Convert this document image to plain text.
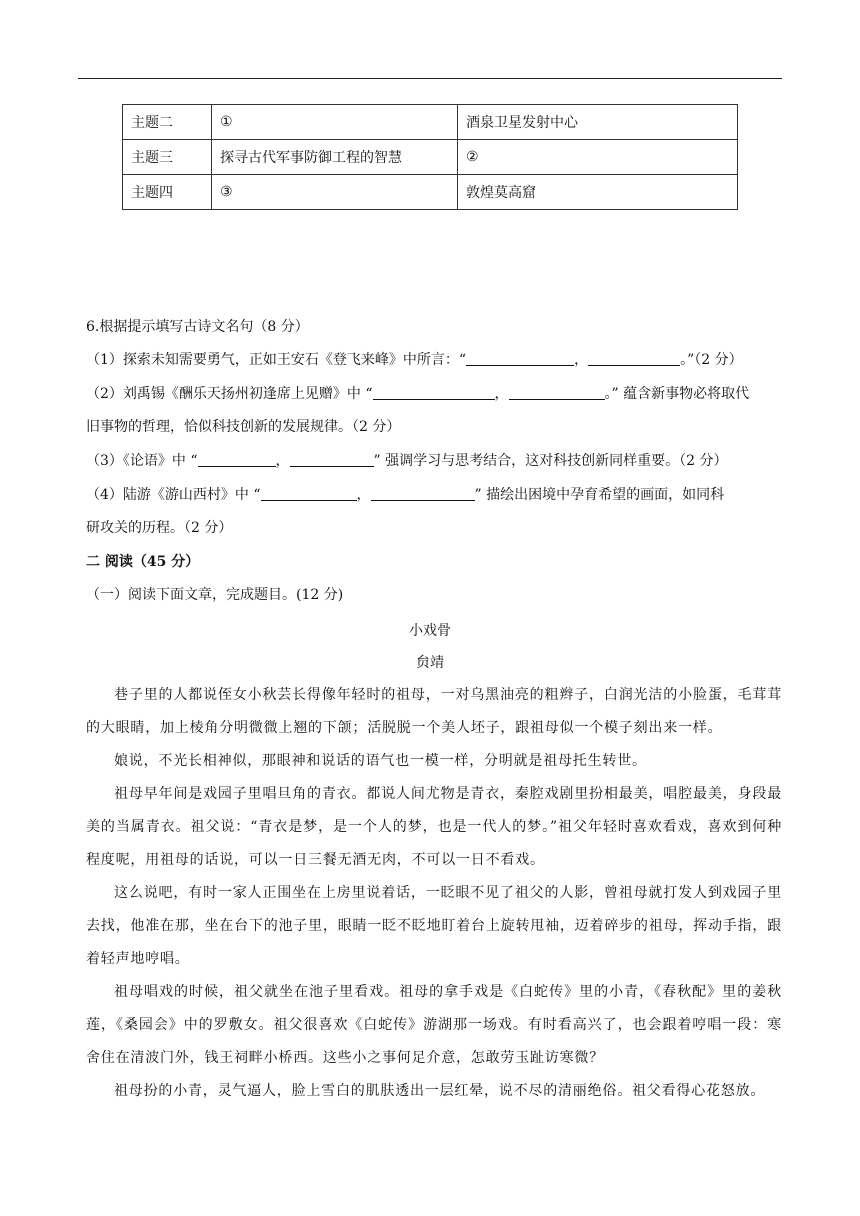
主题二	①	酒泉卫星发射中心
主题三	探寻古代军事防御工程的智慧	②
主题四	③	敦煌莫高窟
6.根据提示填写古诗文名句（8 分）
（1）探索未知需要勇气，正如王安石《登飞来峰》中所言：“	，	。”（2 分）
（2）刘禹锡《酬乐天扬州初逢席上见赠》中 “	，	。” 蕴含新事物必将取代
旧事物的哲理，恰似科技创新的发展规律。（2 分）
（3）《论语》中 “	，	” 强调学习与思考结合，这对科技创新同样重要。（2 分）
（4）陆游《游山西村》中 “	，	” 描绘出困境中孕育希望的画面，如同科
研攻关的历程。（2 分）
二 阅读（45 分）
（一）阅读下面文章，完成题目。(12 分)
小戏骨
贠靖

巷子里的人都说侄女小秋芸长得像年轻时的祖母，一对乌黑油亮的粗辫子，白润光洁的小脸蛋，毛茸茸的大眼睛，加上棱角分明微微上翘的下颌；活脱脱一个美人坯子，跟祖母似一个模子刻出来一样。

娘说，不光长相神似，那眼神和说话的语气也一模一样，分明就是祖母托生转世。

祖母早年间是戏园子里唱旦角的青衣。都说人间尤物是青衣，秦腔戏剧里扮相最美，唱腔最美，身段最美的当属青衣。祖父说：“青衣是梦，是一个人的梦，也是一代人的梦。”祖父年轻时喜欢看戏，喜欢到何种程度呢，用祖母的话说，可以一日三餐无酒无肉，不可以一日不看戏。

这么说吧，有时一家人正围坐在上房里说着话，一眨眼不见了祖父的人影，曾祖母就打发人到戏园子里去找，他准在那，坐在台下的池子里，眼睛一眨不眨地盯着台上旋转甩袖，迈着碎步的祖母，挥动手指，跟着轻声地哼唱。

祖母唱戏的时候，祖父就坐在池子里看戏。祖母的拿手戏是《白蛇传》里的小青，《春秋配》里的姜秋莲，《桑园会》中的罗敷女。祖父很喜欢《白蛇传》游湖那一场戏。有时看高兴了，也会跟着哼唱一段：寒舍住在清波门外，钱王祠畔小桥西。这些小之事何足介意，怎敢劳玉趾访寒微？

祖母扮的小青，灵气逼人，脸上雪白的肌肤透出一层红晕，说不尽的清丽绝俗。祖父看得心花怒放。
